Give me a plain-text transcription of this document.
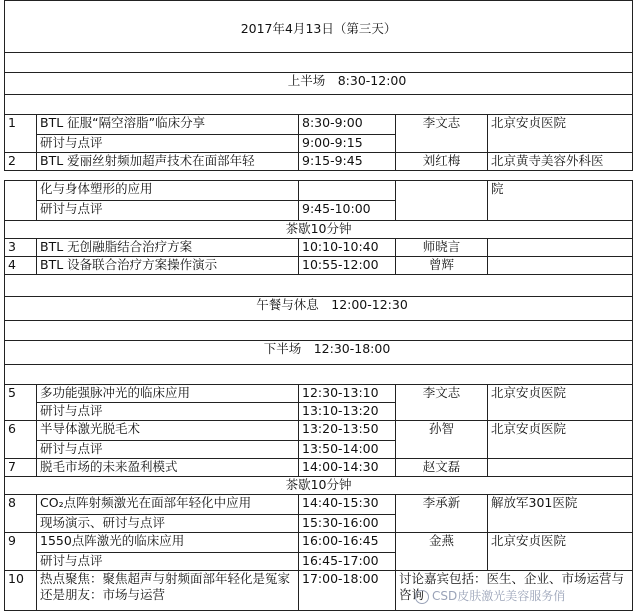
2017年4月13日（第三天）				

上半场　8:30-12:00				

1	BTL 征服“隔空溶脂”临床分享	8:30-9:00	李文志	北京安贞医院
	研讨与点评	9:00-9:15		
2	BTL 爱丽丝射频加超声技术在面部年轻	9:15-9:45	刘红梅	北京黄寺美容外科医

	化与身体塑形的应用			院
	研讨与点评	9:45-10:00		
茶歇10分钟				
3	BTL 无创融脂结合治疗方案	10:10-10:40	师晓言	
4	BTL 设备联合治疗方案操作演示	10:55-12:00	曾辉	

午餐与休息　12:00-12:30				

下半场　12:30-18:00				

5	多功能强脉冲光的临床应用	12:30-13:10	李文志	北京安贞医院
	研讨与点评	13:10-13:20		
6	半导体激光脱毛术	13:20-13:50	孙智	北京安贞医院
	研讨与点评	13:50-14:00		
7	脱毛市场的未来盈利模式	14:00-14:30	赵文磊	
茶歇10分钟				
8	CO₂点阵射频激光在面部年轻化中应用	14:40-15:30	李承新	解放军301医院
	现场演示、研讨与点评	15:30-16:00		
9	1550点阵激光的临床应用	16:00-16:45	金燕	北京安贞医院
	研讨与点评	16:45-17:00		
10	热点聚焦：聚焦超声与射频面部年轻化是冤家还是朋友：市场与运营	17:00-18:00	讨论嘉宾包括：医生、企业、市场运营与咨询	CSD皮肤激光美容服务俏
